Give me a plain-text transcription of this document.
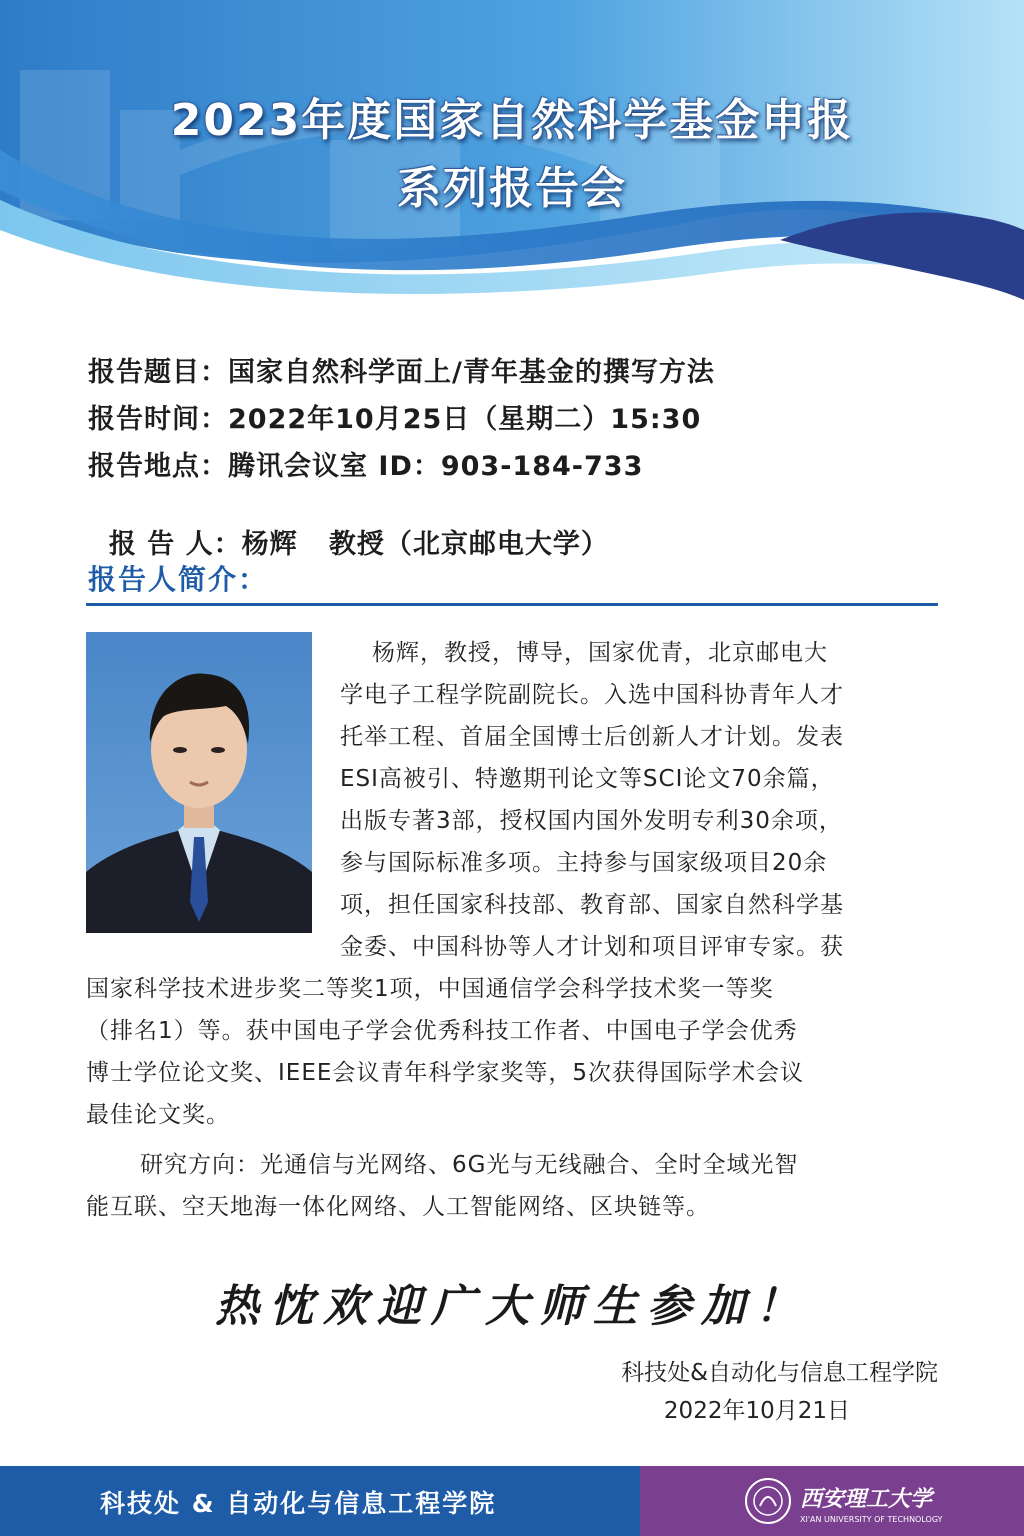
2023年度国家自然科学基金申报
系列报告会
报告题目：国家自然科学面上/青年基金的撰写方法
报告时间：2022年10月25日（星期二）15:30
报告地点：腾讯会议室 ID：903-184-733

报 告 人：杨辉   教授（北京邮电大学）

报告人简介：
杨辉，教授，博导，国家优青，北京邮电大
学电子工程学院副院长。入选中国科协青年人才
托举工程、首届全国博士后创新人才计划。发表
ESI高被引、特邀期刊论文等SCI论文70余篇，
出版专著3部，授权国内国外发明专利30余项，
参与国际标准多项。主持参与国家级项目20余
项，担任国家科技部、教育部、国家自然科学基
金委、中国科协等人才计划和项目评审专家。获
国家科学技术进步奖二等奖1项，中国通信学会科学技术奖一等奖
（排名1）等。获中国电子学会优秀科技工作者、中国电子学会优秀
博士学位论文奖、IEEE会议青年科学家奖等，5次获得国际学术会议
最佳论文奖。
研究方向：光通信与光网络、6G光与无线融合、全时全域光智
能互联、空天地海一体化网络、人工智能网络、区块链等。
热忱欢迎广大师生参加！
科技处&自动化与信息工程学院
2022年10月21日
科技处 & 自动化与信息工程学院	西安理工大学
XI'AN UNIVERSITY OF TECHNOLOGY
